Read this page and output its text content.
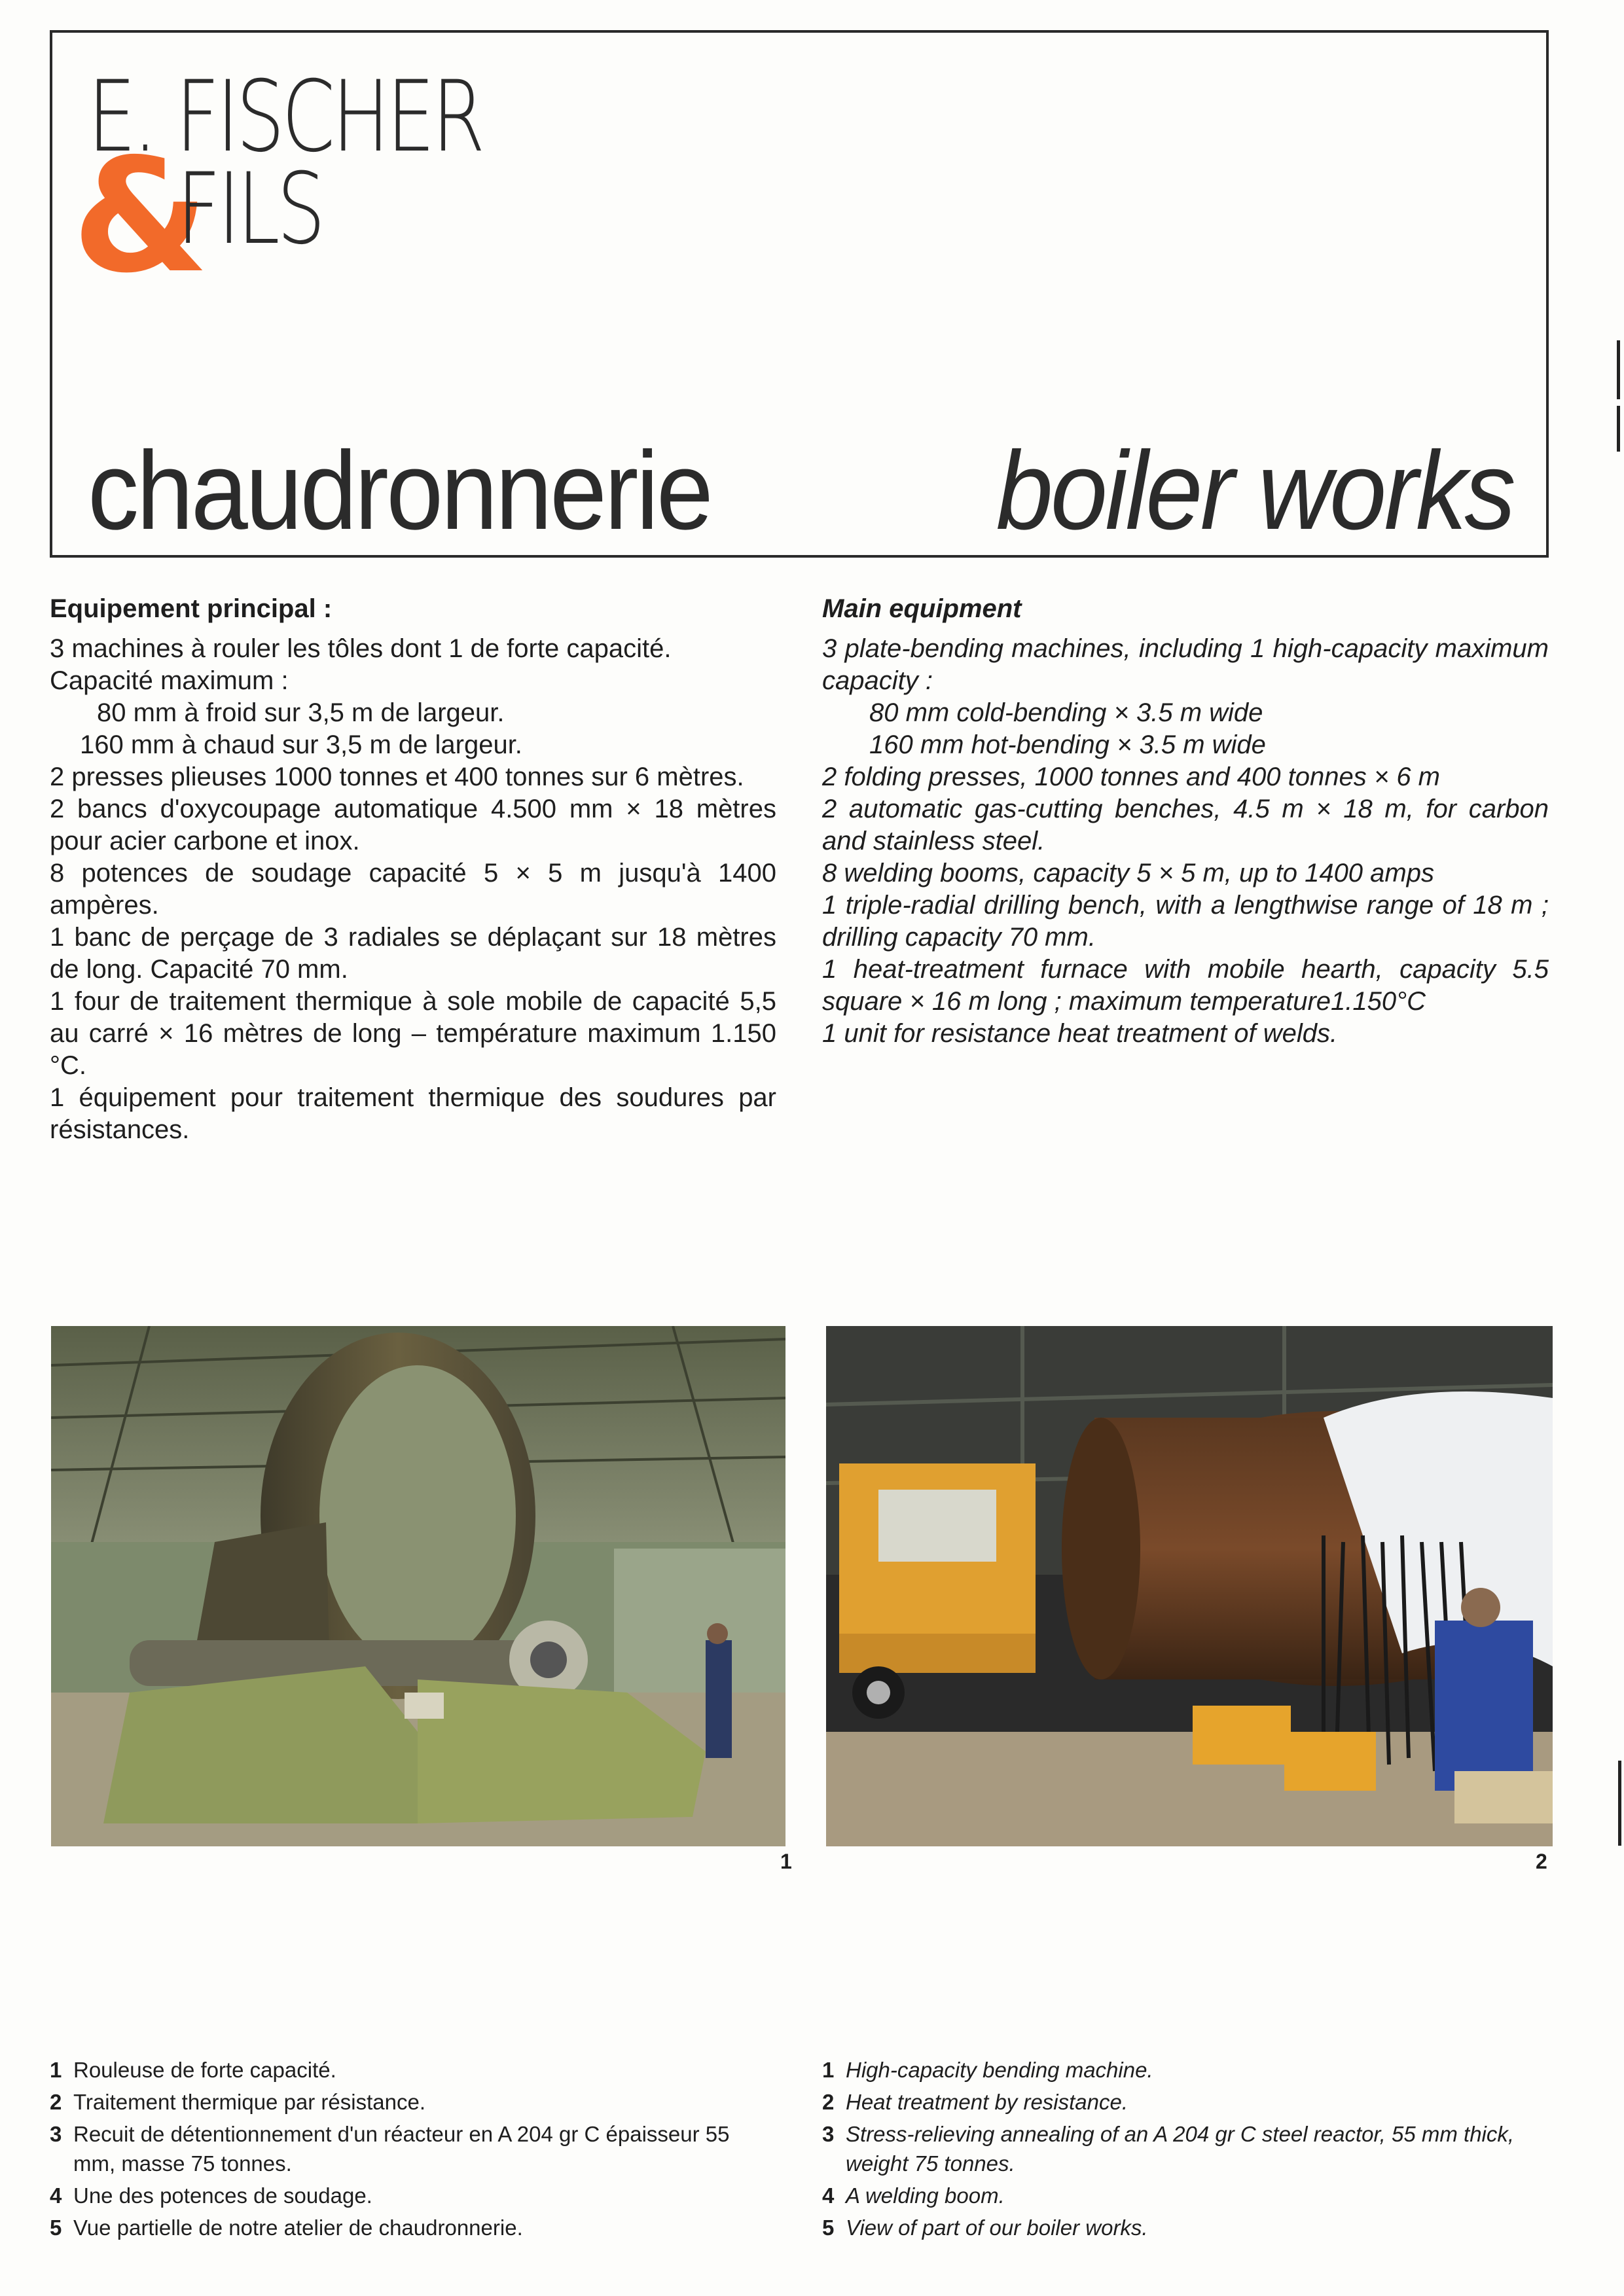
E. FISCHER
&
FILS
chaudronnerie	boiler works
Equipement principal :

3 machines à rouler les tôles dont 1 de forte capacité.

Capacité maximum :

80 mm à froid sur 3,5 m de largeur.

160 mm à chaud sur 3,5 m de largeur.

2 presses plieuses 1000 tonnes et 400 tonnes sur 6 mètres.

2 bancs d'oxycoupage automatique 4.500 mm × 18 mètres pour acier carbone et inox.

8 potences de soudage capacité 5 × 5 m jusqu'à 1400 ampères.

1 banc de perçage de 3 radiales se déplaçant sur 18 mètres de long. Capacité 70 mm.

1 four de traitement thermique à sole mobile de capacité 5,5 au carré × 16 mètres de long – température maximum 1.150 °C.

1 équipement pour traitement thermique des soudures par résistances.

Main equipment

3 plate-bending machines, including 1 high-capacity maximum capacity :

80 mm cold-bending × 3.5 m wide

160 mm hot-bending × 3.5 m wide

2 folding presses, 1000 tonnes and 400 tonnes × 6 m

2 automatic gas-cutting benches, 4.5 m × 18 m, for carbon and stainless steel.

8 welding booms, capacity 5 × 5 m, up to 1400 amps

1 triple-radial drilling bench, with a lengthwise range of 18 m ; drilling capacity 70 mm.

1 heat-treatment furnace with mobile hearth, capacity 5.5 square × 16 m long ; maximum temperature1.150°C

1 unit for resistance heat treatment of welds.

1	2
1 Rouleuse de forte capacité.
2 Traitement thermique par résistance.
3 Recuit de détentionnement d'un réacteur en A 204 gr C épaisseur 55 mm, masse 75 tonnes.
4 Une des potences de soudage.
5 Vue partielle de notre atelier de chaudronnerie.
1 High-capacity bending machine.
2 Heat treatment by resistance.
3 Stress-relieving annealing of an A 204 gr C steel reactor, 55 mm thick, weight 75 tonnes.
4 A welding boom.
5 View of part of our boiler works.
